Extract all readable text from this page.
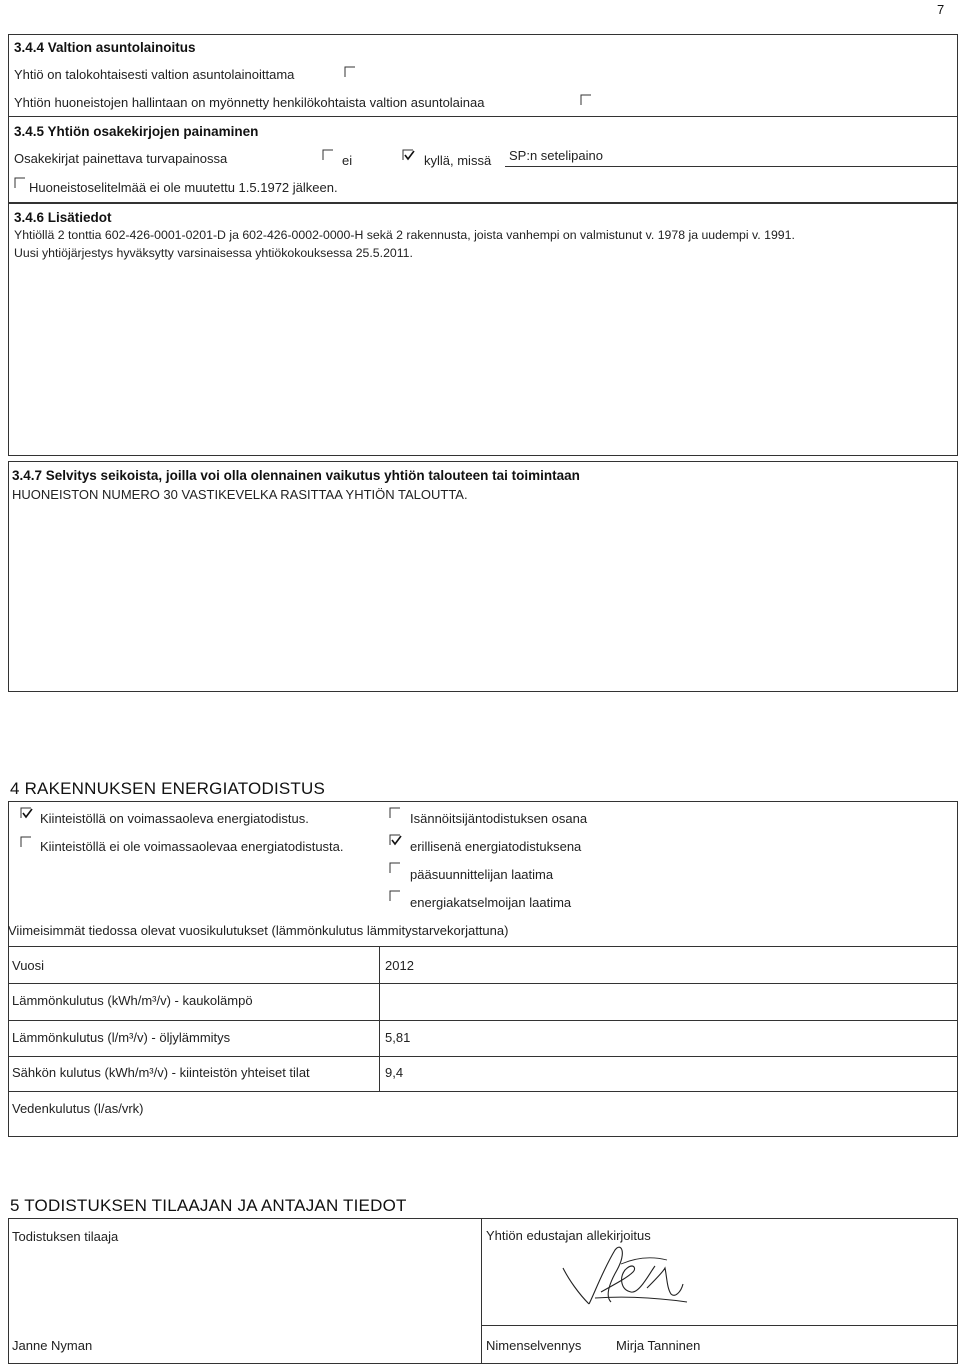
7
3.4.4 Valtion asuntolainoitus
Yhtiö on talokohtaisesti valtion asuntolainoittama
Yhtiön huoneistojen hallintaan on myönnetty henkilökohtaista valtion asuntolainaa
3.4.5 Yhtiön osakekirjojen painaminen
Osakekirjat painettava turvapainossa	ei	kyllä, missä SP:n setelipaino
Huoneistoselitelmää ei ole muutettu 1.5.1972 jälkeen.
3.4.6 Lisätiedot
Yhtiöllä 2 tonttia 602-426-0001-0201-D ja 602-426-0002-0000-H sekä 2 rakennusta, joista vanhempi on valmistunut v. 1978 ja uudempi v. 1991.
Uusi yhtiöjärjestys hyväksytty varsinaisessa yhtiökokouksessa 25.5.2011.
3.4.7 Selvitys seikoista, joilla voi olla olennainen vaikutus yhtiön talouteen tai toimintaan
HUONEISTON NUMERO 30 VASTIKEVELKA RASITTAA YHTIÖN TALOUTTA.
4 RAKENNUKSEN ENERGIATODISTUS
Kiinteistöllä on voimassaoleva energiatodistus.
Kiinteistöllä ei ole voimassaolevaa energiatodistusta.
Isännöitsijäntodistuksen osana
erillisenä energiatodistuksena
pääsuunnittelijan laatima
energiakatselmoijan laatima
Viimeisimmät tiedossa olevat vuosikulutukset (lämmönkulutus lämmitystarvekorjattuna)
Vuosi	2012
Lämmönkulutus (kWh/m³/v) - kaukolämpö
Lämmönkulutus (l/m³/v) - öljylämmitys	5,81
Sähkön kulutus (kWh/m³/v) - kiinteistön yhteiset tilat	9,4
Vedenkulutus (l/as/vrk)
5 TODISTUKSEN TILAAJAN JA ANTAJAN TIEDOT
Todistuksen tilaaja
Janne Nyman
Yhtiön edustajan allekirjoitus
Nimenselvennys	Mirja Tanninen
